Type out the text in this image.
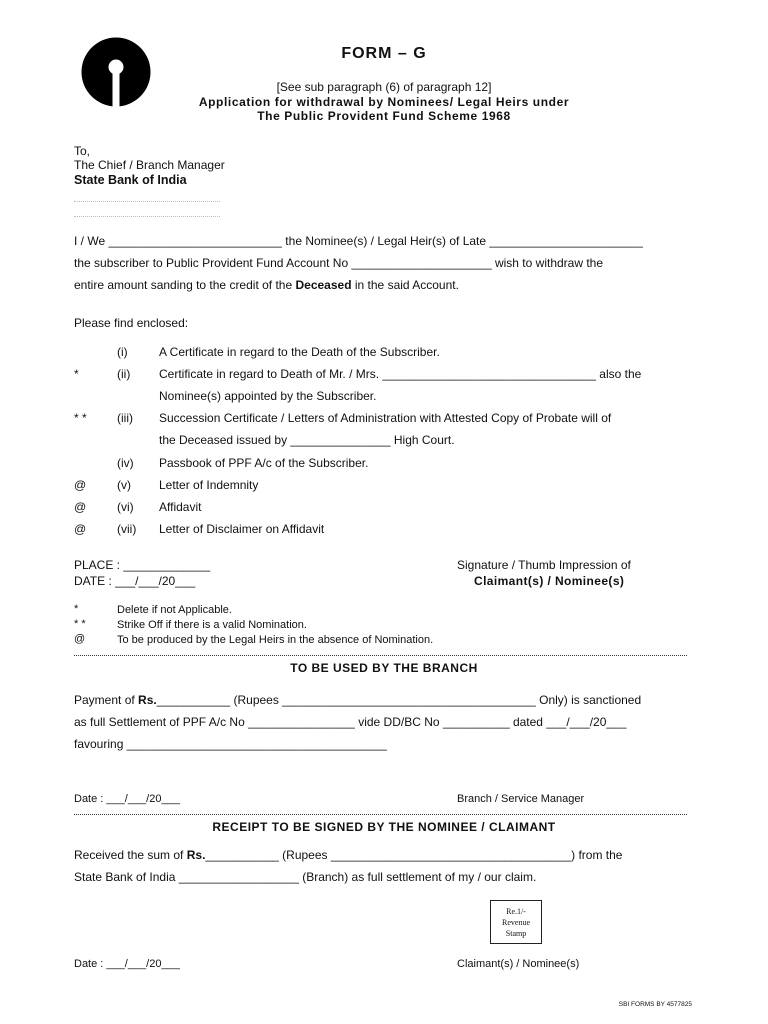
FORM – G
[See sub paragraph (6) of paragraph 12]
Application for withdrawal by Nominees/ Legal Heirs under
The Public Provident Fund Scheme 1968
To,
The Chief / Branch Manager
State Bank of India
I / We __________________________ the Nominee(s) / Legal Heir(s) of Late _______________________
the subscriber to Public Provident Fund Account No _____________________ wish to withdraw the
entire amount sanding to the credit of the Deceased in the said Account.
Please find enclosed:
(i)	A Certificate in regard to the Death of the Subscriber.
*	(ii) Certificate in regard to Death of Mr. / Mrs. ________________________________ also the
Nominee(s) appointed by the Subscriber.
* *	(iii) Succession Certificate / Letters of Administration with Attested Copy of Probate will of
the Deceased issued by _______________ High Court.
(iv) Passbook of PPF A/c of the Subscriber.
@	(v) Letter of Indemnity
@	(vi) Affidavit
@	(vii) Letter of Disclaimer on Affidavit
PLACE : _____________
DATE : ___/___/20___
Signature / Thumb Impression of
Claimant(s) / Nominee(s)
*	Delete if not Applicable.
* *	Strike Off if there is a valid Nomination.
@	To be produced by the Legal Heirs in the absence of Nomination.
TO BE USED BY THE BRANCH
Payment of Rs.___________ (Rupees ______________________________________ Only) is sanctioned
as full Settlement of PPF A/c No ________________ vide DD/BC No __________ dated ___/___/20___
favouring _______________________________________
Date : ___/___/20___	Branch / Service Manager
RECEIPT TO BE SIGNED BY THE NOMINEE / CLAIMANT
Received the sum of Rs.___________ (Rupees ____________________________________) from the
State Bank of India __________________ (Branch) as full settlement of my / our claim.
Re.1/-
Revenue
Stamp
Date : ___/___/20___	Claimant(s) / Nominee(s)
SBI FORMS BY 4577825
